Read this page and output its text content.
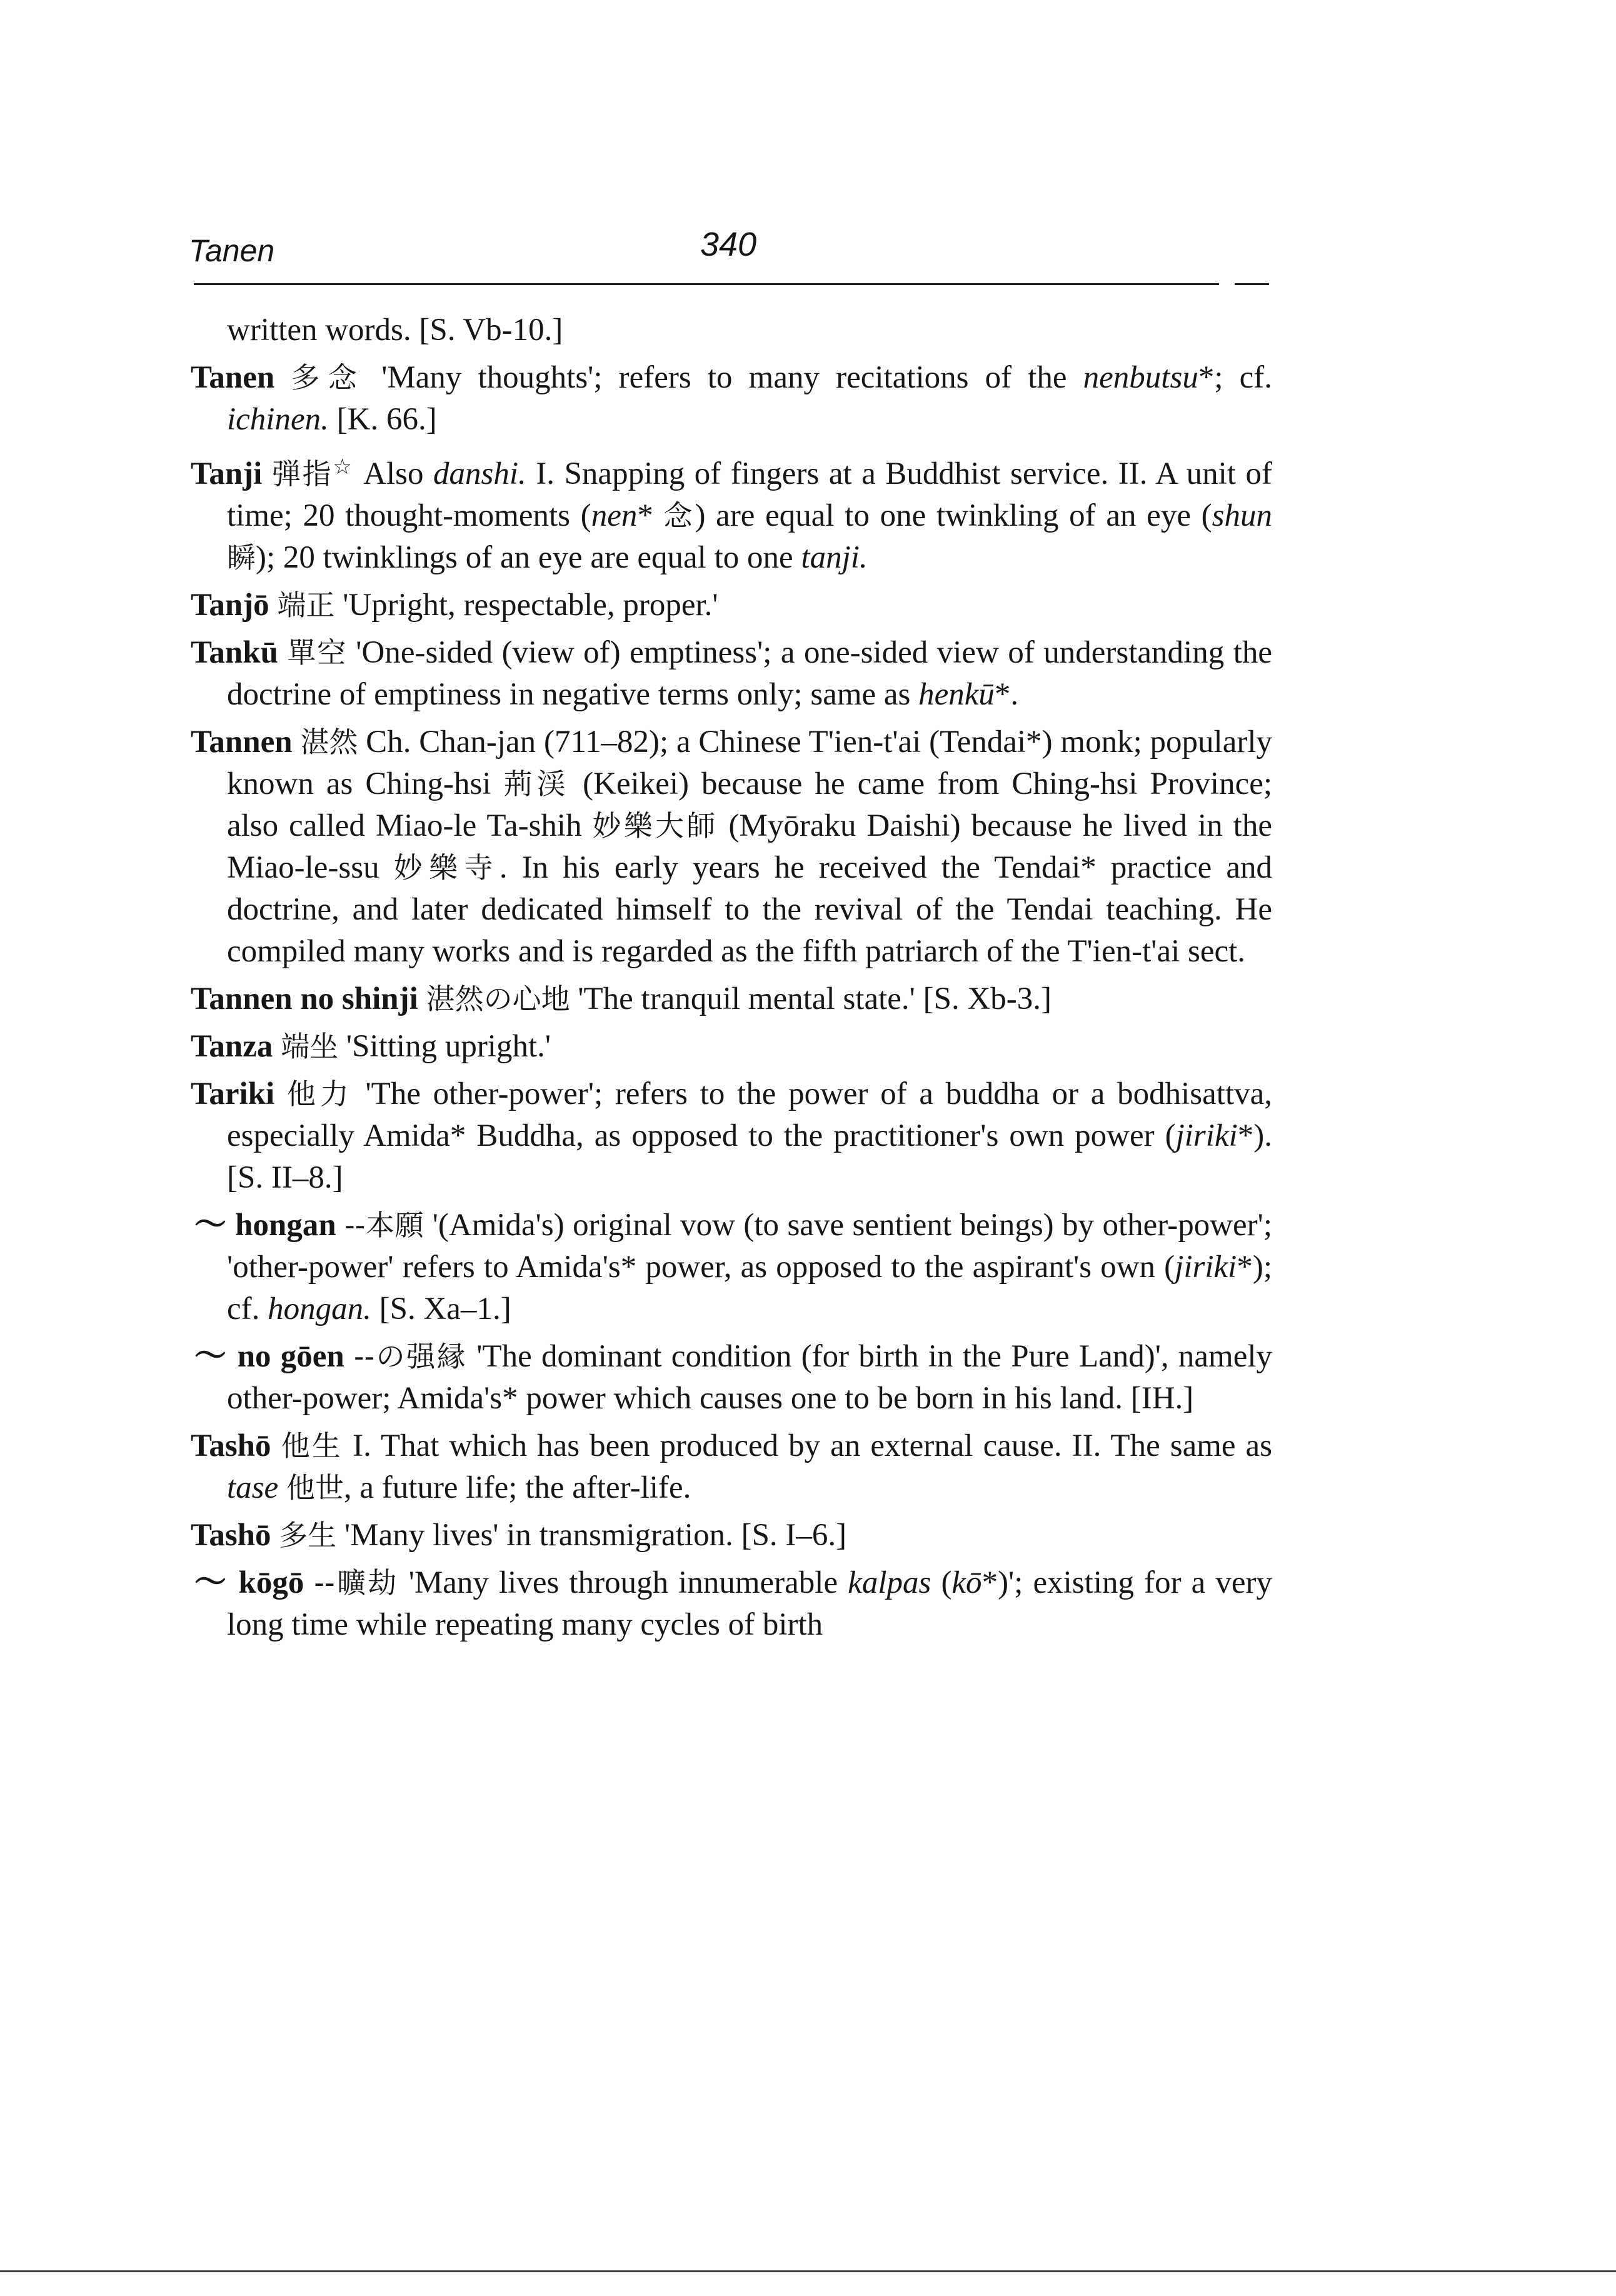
Tanen	340

written words. [S. Vb-10.]

Tanen 多念 'Many thoughts'; refers to many recitations of the nenbutsu*; cf. ichinen. [K. 66.]

Tanji 弾指☆ Also danshi. I. Snapping of fingers at a Buddhist service. II. A unit of time; 20 thought-moments (nen* 念) are equal to one twinkling of an eye (shun 瞬); 20 twinklings of an eye are equal to one tanji.

Tanjō 端正 'Upright, respectable, proper.'

Tankū 單空 'One-sided (view of) emptiness'; a one-sided view of understanding the doctrine of emptiness in negative terms only; same as henkū*.

Tannen 湛然 Ch. Chan-jan (711–82); a Chinese T'ien-t'ai (Tendai*) monk; popularly known as Ching-hsi 荊渓 (Keikei) because he came from Ching-hsi Province; also called Miao-le Ta-shih 妙樂大師 (Myōraku Daishi) because he lived in the Miao-le-ssu 妙樂寺. In his early years he received the Tendai* practice and doctrine, and later dedicated himself to the revival of the Tendai teaching. He compiled many works and is regarded as the fifth patriarch of the T'ien-t'ai sect.

Tannen no shinji 湛然の心地 'The tranquil mental state.' [S. Xb-3.]

Tanza 端坐 'Sitting upright.'

Tariki 他力 'The other-power'; refers to the power of a buddha or a bodhisattva, especially Amida* Buddha, as opposed to the practitioner's own power (jiriki*). [S. II–8.]

～ hongan --本願 '(Amida's) original vow (to save sentient beings) by other-power'; 'other-power' refers to Amida's* power, as opposed to the aspirant's own (jiriki*); cf. hongan. [S. Xa–1.]

～ no gōen --の强縁 'The dominant condition (for birth in the Pure Land)', namely other-power; Amida's* power which causes one to be born in his land. [IH.]

Tashō 他生 I. That which has been produced by an external cause. II. The same as tase 他世, a future life; the after-life.

Tashō 多生 'Many lives' in transmigration. [S. I–6.]

～ kōgō --曠劫 'Many lives through innumerable kalpas (kō*)'; existing for a very long time while repeating many cycles of birth
